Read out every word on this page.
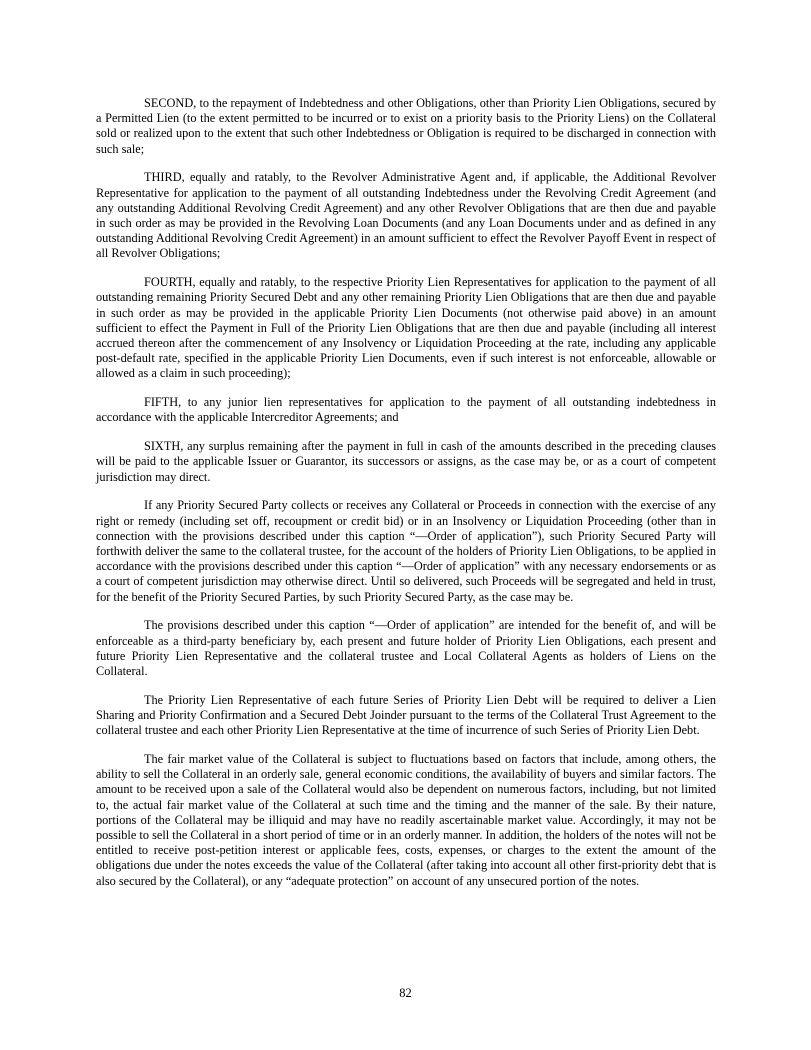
SECOND, to the repayment of Indebtedness and other Obligations, other than Priority Lien Obligations, secured by a Permitted Lien (to the extent permitted to be incurred or to exist on a priority basis to the Priority Liens) on the Collateral sold or realized upon to the extent that such other Indebtedness or Obligation is required to be discharged in connection with such sale;

THIRD, equally and ratably, to the Revolver Administrative Agent and, if applicable, the Additional Revolver Representative for application to the payment of all outstanding Indebtedness under the Revolving Credit Agreement (and any outstanding Additional Revolving Credit Agreement) and any other Revolver Obligations that are then due and payable in such order as may be provided in the Revolving Loan Documents (and any Loan Documents under and as defined in any outstanding Additional Revolving Credit Agreement) in an amount sufficient to effect the Revolver Payoff Event in respect of all Revolver Obligations;

FOURTH, equally and ratably, to the respective Priority Lien Representatives for application to the payment of all outstanding remaining Priority Secured Debt and any other remaining Priority Lien Obligations that are then due and payable in such order as may be provided in the applicable Priority Lien Documents (not otherwise paid above) in an amount sufficient to effect the Payment in Full of the Priority Lien Obligations that are then due and payable (including all interest accrued thereon after the commencement of any Insolvency or Liquidation Proceeding at the rate, including any applicable post-default rate, specified in the applicable Priority Lien Documents, even if such interest is not enforceable, allowable or allowed as a claim in such proceeding);

FIFTH, to any junior lien representatives for application to the payment of all outstanding indebtedness in accordance with the applicable Intercreditor Agreements; and

SIXTH, any surplus remaining after the payment in full in cash of the amounts described in the preceding clauses will be paid to the applicable Issuer or Guarantor, its successors or assigns, as the case may be, or as a court of competent jurisdiction may direct.

If any Priority Secured Party collects or receives any Collateral or Proceeds in connection with the exercise of any right or remedy (including set off, recoupment or credit bid) or in an Insolvency or Liquidation Proceeding (other than in connection with the provisions described under this caption “—Order of application”), such Priority Secured Party will forthwith deliver the same to the collateral trustee, for the account of the holders of Priority Lien Obligations, to be applied in accordance with the provisions described under this caption “—Order of application” with any necessary endorsements or as a court of competent jurisdiction may otherwise direct. Until so delivered, such Proceeds will be segregated and held in trust, for the benefit of the Priority Secured Parties, by such Priority Secured Party, as the case may be.

The provisions described under this caption “—Order of application” are intended for the benefit of, and will be enforceable as a third-party beneficiary by, each present and future holder of Priority Lien Obligations, each present and future Priority Lien Representative and the collateral trustee and Local Collateral Agents as holders of Liens on the Collateral.

The Priority Lien Representative of each future Series of Priority Lien Debt will be required to deliver a Lien Sharing and Priority Confirmation and a Secured Debt Joinder pursuant to the terms of the Collateral Trust Agreement to the collateral trustee and each other Priority Lien Representative at the time of incurrence of such Series of Priority Lien Debt.

The fair market value of the Collateral is subject to fluctuations based on factors that include, among others, the ability to sell the Collateral in an orderly sale, general economic conditions, the availability of buyers and similar factors. The amount to be received upon a sale of the Collateral would also be dependent on numerous factors, including, but not limited to, the actual fair market value of the Collateral at such time and the timing and the manner of the sale. By their nature, portions of the Collateral may be illiquid and may have no readily ascertainable market value. Accordingly, it may not be possible to sell the Collateral in a short period of time or in an orderly manner. In addition, the holders of the notes will not be entitled to receive post-petition interest or applicable fees, costs, expenses, or charges to the extent the amount of the obligations due under the notes exceeds the value of the Collateral (after taking into account all other first-priority debt that is also secured by the Collateral), or any “adequate protection” on account of any unsecured portion of the notes.

82
